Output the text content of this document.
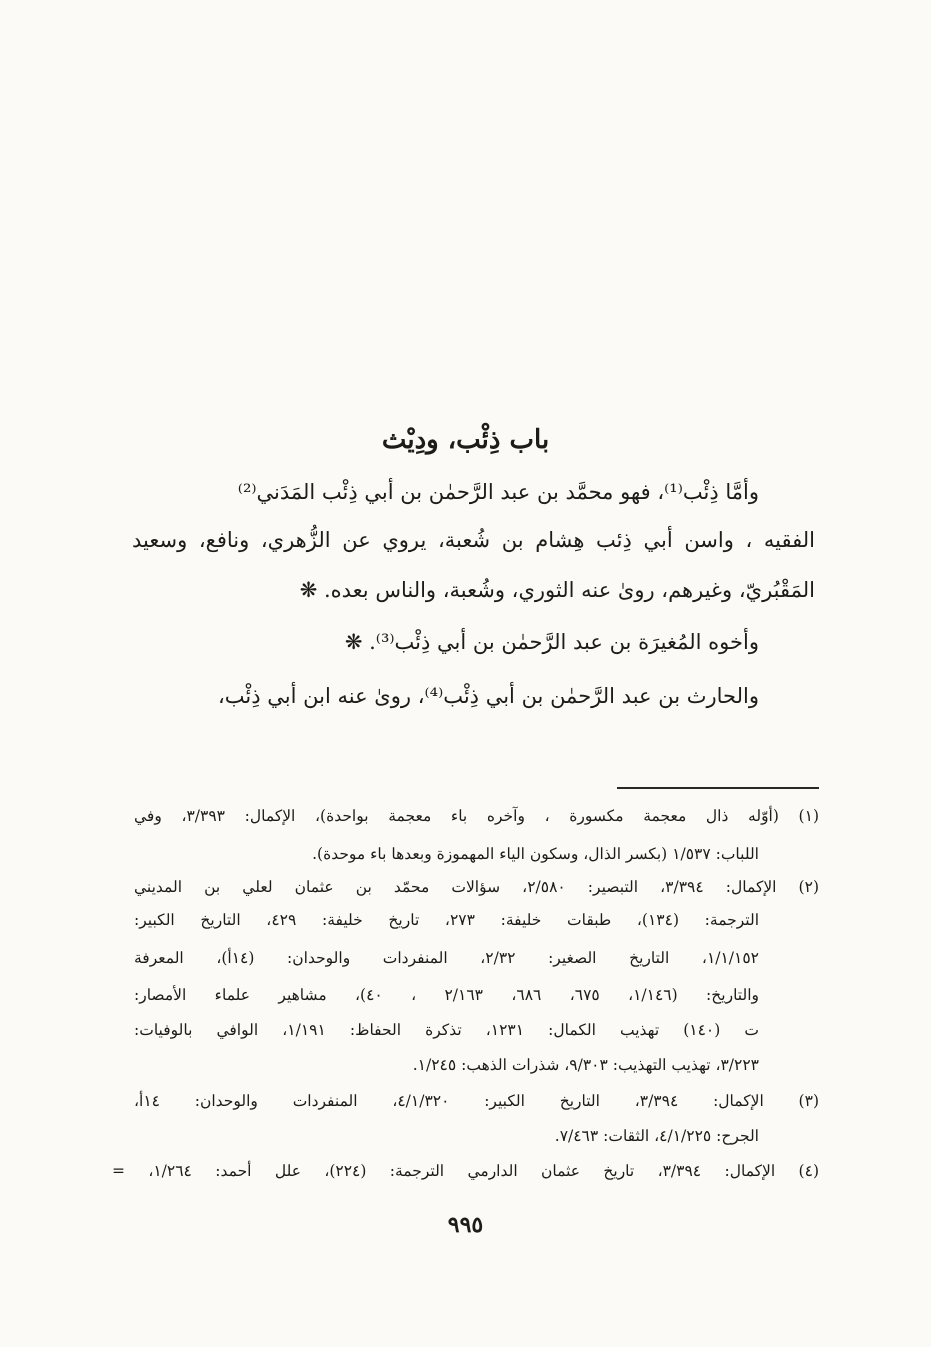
باب ذِئْب، ودِيْث
وأمَّا ذِئْب⁽¹⁾، فهو محمَّد بن عبد الرَّحمٰن بن أبي ذِئْب المَدَني⁽²⁾
الفقيه ، واسن أبي ذِئب هِشام بن شُعبة، يروي عن الزُّهري، ونافع، وسعيد
المَقْبُريّ، وغيرهم، روىٰ عنه الثوري، وشُعبة، والناس بعده. ❋
وأخوه المُغيرَة بن عبد الرَّحمٰن بن أبي ذِئْب⁽³⁾. ❋
والحارث بن عبد الرَّحمٰن بن أبي ذِئْب⁽⁴⁾، روىٰ عنه ابن أبي ذِئْب،
(١) (أوّله ذال معجمة مكسورة ، وآخره باء معجمة بواحدة)، الإكمال: ٣/٣٩٣، وفي
اللباب: ١/٥٣٧ (بكسر الذال، وسكون الياء المهموزة وبعدها باء موحدة).
(٢) الإكمال: ٣/٣٩٤، التبصير: ٢/٥٨٠، سؤالات محمّد بن عثمان لعلي بن المديني
الترجمة: (١٣٤)، طبقات خليفة: ٢٧٣، تاريخ خليفة: ٤٢٩، التاريخ الكبير:
١/١/١٥٢، التاريخ الصغير: ٢/٣٢، المنفردات والوحدان: (١٤أ)، المعرفة
والتاريخ: (١/١٤٦، ٦٧٥، ٦٨٦، ٢/١٦٣ ، ٤٠)، مشاهير علماء الأمصار:
ت (١٤٠) تهذيب الكمال: ١٢٣١، تذكرة الحفاظ: ١/١٩١، الوافي بالوفيات:
٣/٢٢٣، تهذيب التهذيب: ٩/٣٠٣، شذرات الذهب: ١/٢٤٥.
(٣) الإكمال: ٣/٣٩٤، التاريخ الكبير: ٤/١/٣٢٠، المنفردات والوحدان: ١٤أ،
الجرح: ٤/١/٢٢٥، الثقات: ٧/٤٦٣.
(٤) الإكمال: ٣/٣٩٤، تاريخ عثمان الدارمي الترجمة: (٢٢٤)، علل أحمد: ١/٢٦٤، =
٩٩٥
